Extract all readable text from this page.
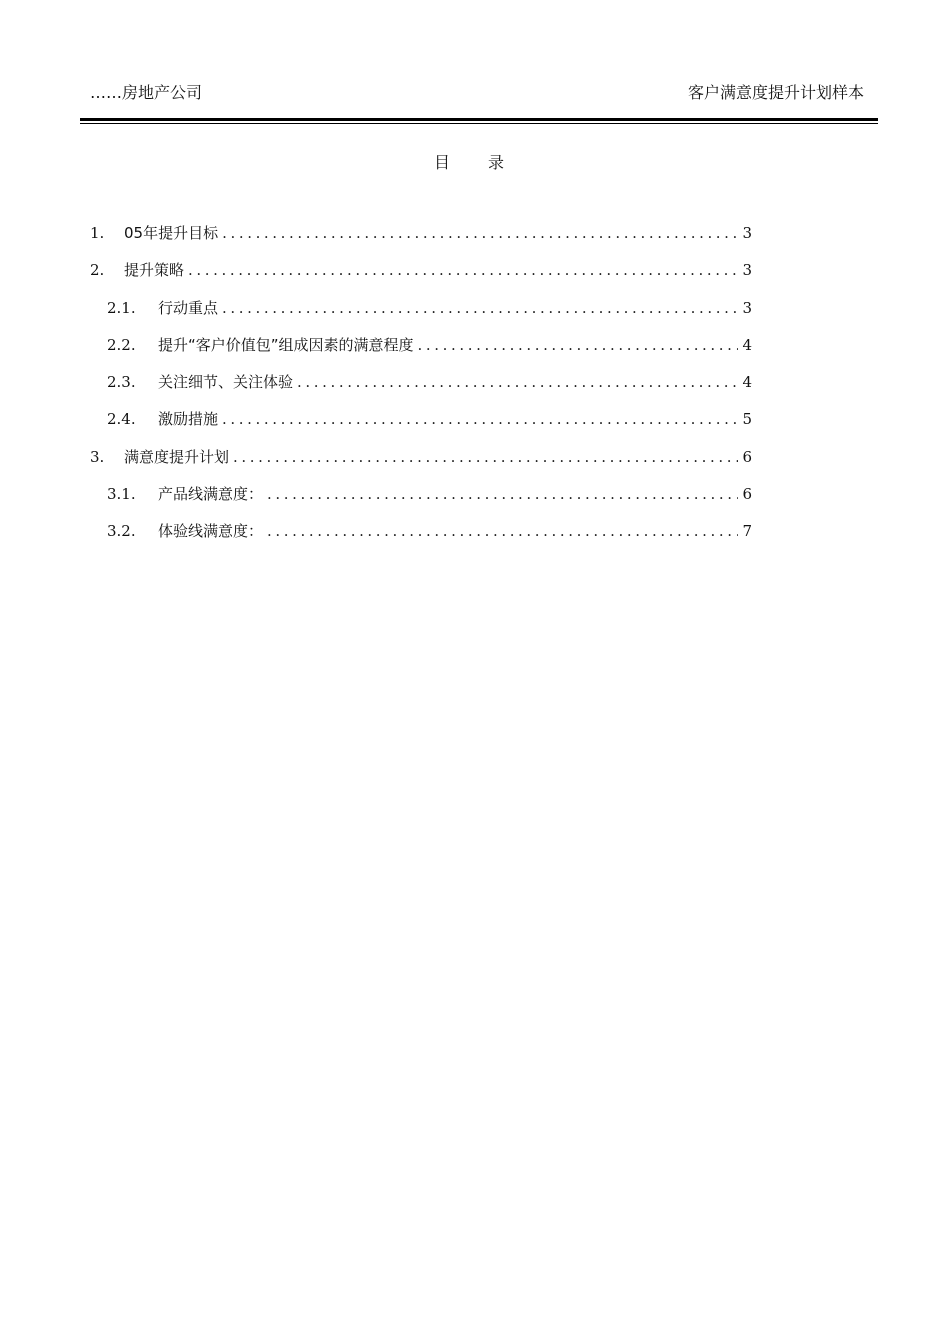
……房地产公司	客户满意度提升计划样本
目录
1.	05年提升目标 .....	3
2.	提升策略 .....	3
2.1.	行动重点 .....	3
2.2.	提升“客户价值包”组成因素的满意程度 .....	4
2.3.	关注细节、关注体验 .....	4
2.4.	激励措施 .....	5
3.	满意度提升计划 .....	6
3.1.	产品线满意度： .....	6
3.2.	体验线满意度： .....	7
